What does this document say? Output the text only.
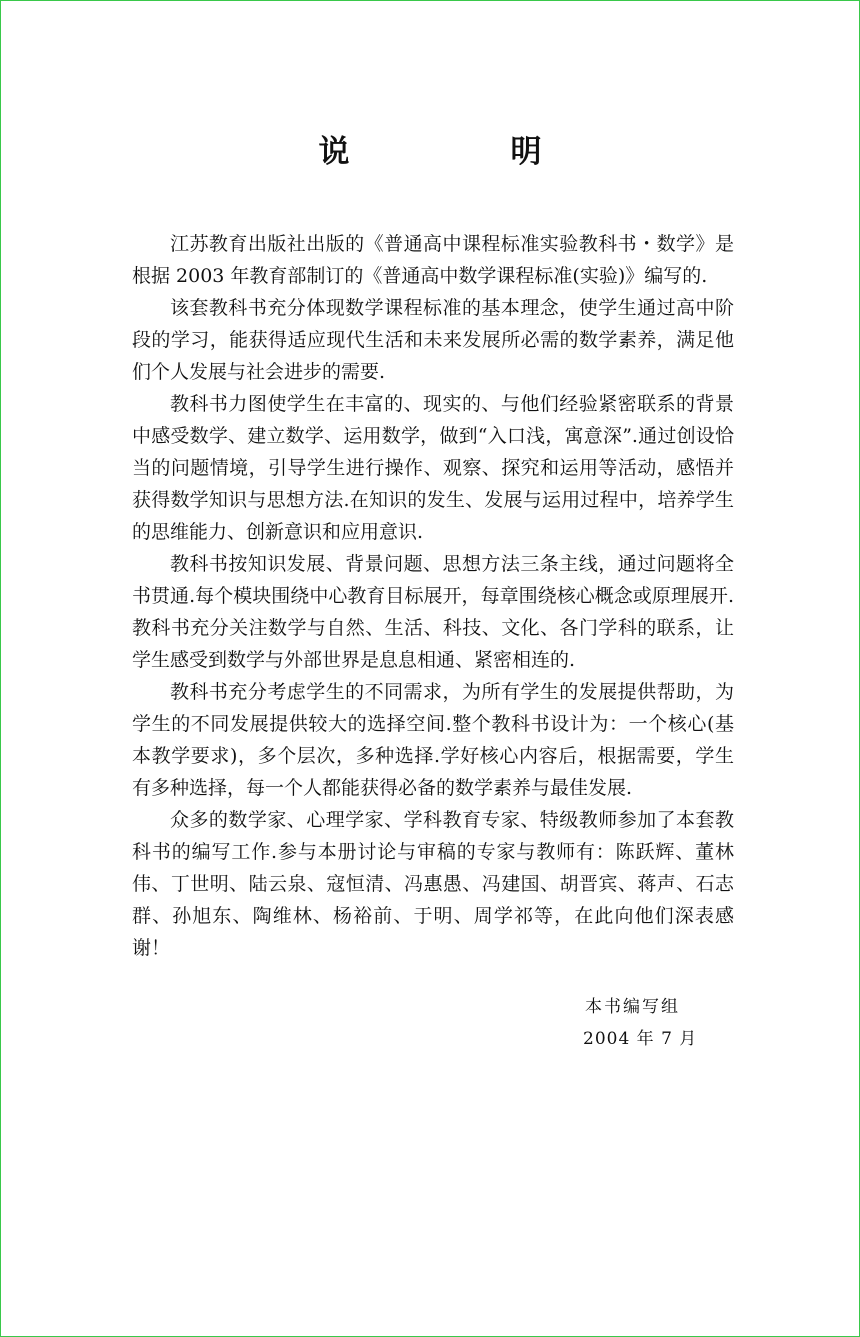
说　明

江苏教育出版社出版的《普通高中课程标准实验教科书・数学》是根据 2003 年教育部制订的《普通高中数学课程标准(实验)》编写的.

该套教科书充分体现数学课程标准的基本理念，使学生通过高中阶段的学习，能获得适应现代生活和未来发展所必需的数学素养，满足他们个人发展与社会进步的需要.

教科书力图使学生在丰富的、现实的、与他们经验紧密联系的背景中感受数学、建立数学、运用数学，做到“入口浅，寓意深”.通过创设恰当的问题情境，引导学生进行操作、观察、探究和运用等活动，感悟并获得数学知识与思想方法.在知识的发生、发展与运用过程中，培养学生的思维能力、创新意识和应用意识.

教科书按知识发展、背景问题、思想方法三条主线，通过问题将全书贯通.每个模块围绕中心教育目标展开，每章围绕核心概念或原理展开.教科书充分关注数学与自然、生活、科技、文化、各门学科的联系，让学生感受到数学与外部世界是息息相通、紧密相连的.

教科书充分考虑学生的不同需求，为所有学生的发展提供帮助，为学生的不同发展提供较大的选择空间.整个教科书设计为：一个核心(基本教学要求)，多个层次，多种选择.学好核心内容后，根据需要，学生有多种选择，每一个人都能获得必备的数学素养与最佳发展.

众多的数学家、心理学家、学科教育专家、特级教师参加了本套教科书的编写工作.参与本册讨论与审稿的专家与教师有：陈跃辉、董林伟、丁世明、陆云泉、寇恒清、冯惠愚、冯建国、胡晋宾、蒋声、石志群、孙旭东、陶维林、杨裕前、于明、周学祁等，在此向他们深表感谢！

本书编写组
2004 年 7 月
